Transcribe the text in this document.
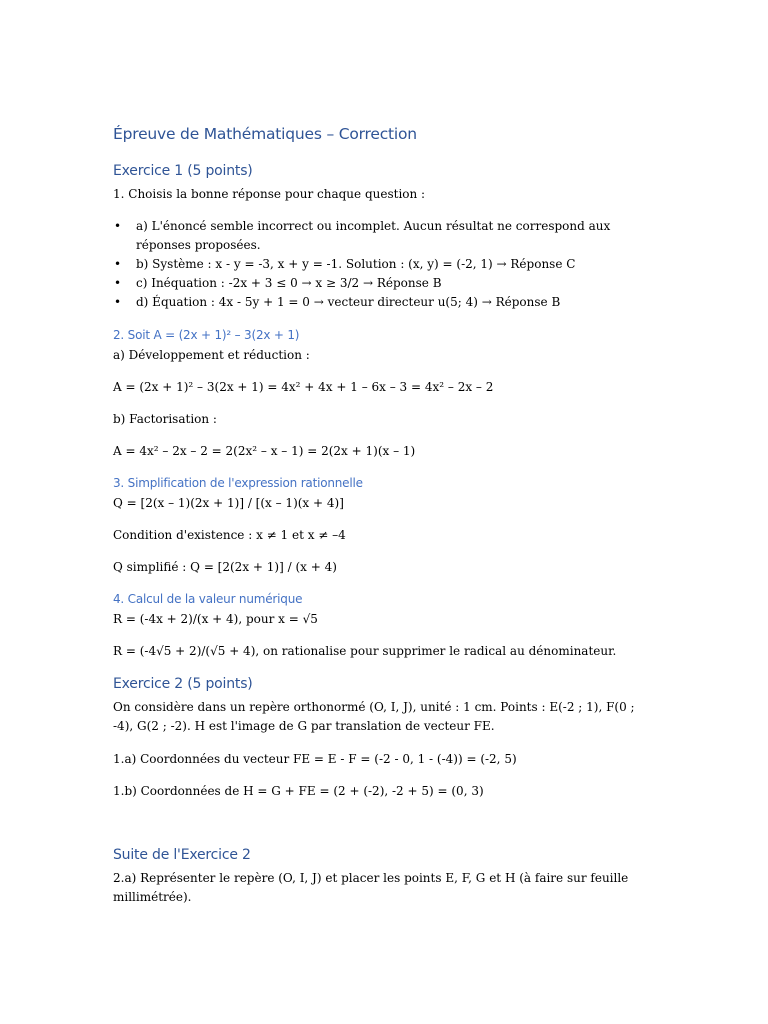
Épreuve de Mathématiques – Correction
Exercice 1 (5 points)
1. Choisis la bonne réponse pour chaque question :
• a) L'énoncé semble incorrect ou incomplet. Aucun résultat ne correspond aux réponses proposées.
• b) Système : x - y = -3, x + y = -1. Solution : (x, y) = (-2, 1) → Réponse C
• c) Inéquation : -2x + 3 ≤ 0 → x ≥ 3/2 → Réponse B
• d) Équation : 4x - 5y + 1 = 0 → vecteur directeur u(5; 4) → Réponse B
2. Soit A = (2x + 1)² – 3(2x + 1)
a) Développement et réduction :
A = (2x + 1)² – 3(2x + 1) = 4x² + 4x + 1 – 6x – 3 = 4x² – 2x – 2
b) Factorisation :
A = 4x² – 2x – 2 = 2(2x² – x – 1) = 2(2x + 1)(x – 1)
3. Simplification de l'expression rationnelle
Q = [2(x – 1)(2x + 1)] / [(x – 1)(x + 4)]
Condition d'existence : x ≠ 1 et x ≠ –4
Q simplifié : Q = [2(2x + 1)] / (x + 4)
4. Calcul de la valeur numérique
R = (-4x + 2)/(x + 4), pour x = √5
R = (-4√5 + 2)/(√5 + 4), on rationalise pour supprimer le radical au dénominateur.
Exercice 2 (5 points)
On considère dans un repère orthonormé (O, I, J), unité : 1 cm. Points : E(-2 ; 1), F(0 ; -4), G(2 ; -2). H est l'image de G par translation de vecteur FE.
1.a) Coordonnées du vecteur FE = E - F = (-2 - 0, 1 - (-4)) = (-2, 5)
1.b) Coordonnées de H = G + FE = (2 + (-2), -2 + 5) = (0, 3)
Suite de l'Exercice 2
2.a) Représenter le repère (O, I, J) et placer les points E, F, G et H (à faire sur feuille millimétrée).
